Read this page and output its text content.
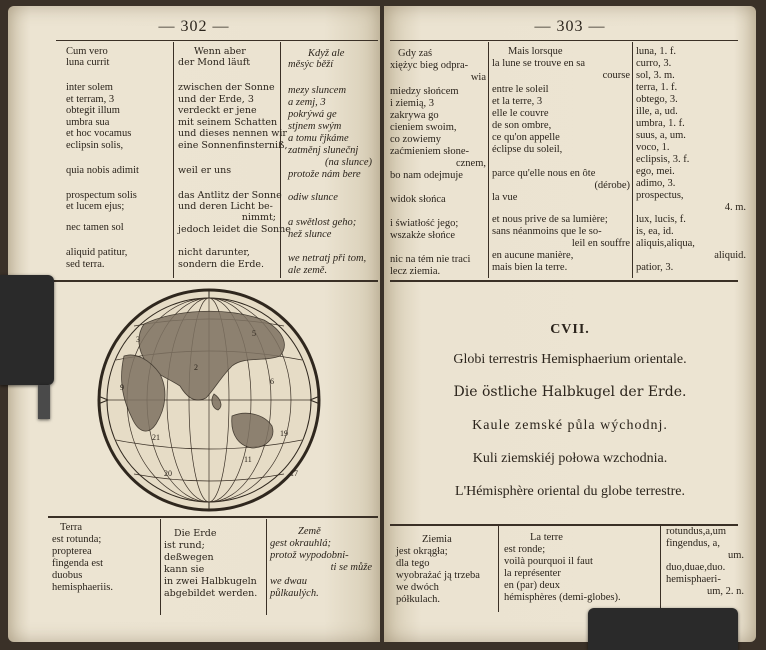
— 302 —
Cum vero
luna currit
inter solem
et terram, 3
obtegit illum
umbra sua
et hoc vocamus
eclipsin solis,
quia nobis adimit
prospectum solis
et lucem ejus;
nec tamen sol
aliquid patitur,
sed terra.
Wenn aber
der Mond läuft
zwischen der Sonne
und der Erde, 3
verdeckt er jene
mit seinem Schatten
und dieses nennen wir
eine Sonnenfinsterniß,
weil er uns
das Antlitz der Sonne
und deren Licht be-
nimmt;
jedoch leidet die Sonne
nicht darunter,
sondern die Erde.
Když ale
měsýc běží
mezy sluncem
a zemj, 3
pokrýwá ge
stjnem swým
a tomu řjkáme
zatměnj slunečnj
(na slunce)
protože nám bere
odiw slunce
a swětlost geho;
než slunce
we netratj při tom,
ale země.
3
5
6
9
2
17
20
11
19
21
Terra
est rotunda;
propterea
fingenda est
duobus
hemisphaeriis.
Die Erde
ist rund;
deßwegen
kann sie
in zwei Halbkugeln
abgebildet werden.
Země
gest okrauhlá;
protož wypodobni-
ti se může
we dwau
půlkaulých.
— 303 —
Gdy zaś
xiężyc bieg odpra-
wia
miedzy słońcem
i ziemią, 3
zakrywa go
cieniem swoim,
co zowiemy
zaćmieniem słone-
cznem,
bo nam odejmuje
widok słońca
i światłość jego;
wszakże słońce
nic na tém nie traci
lecz ziemia.
Mais lorsque
la lune se trouve en sa
course
entre le soleil
et la terre, 3
elle le couvre
de son ombre,
ce qu'on appelle
éclipse du soleil,
parce qu'elle nous en ôte
(dérobe)
la vue
et nous prive de sa lumière;
sans néanmoins que le so-
leil en souffre
en aucune manière,
mais bien la terre.
luna, 1. f.
curro, 3.
sol, 3. m.
terra, 1. f.
obtego, 3.
ille, a, ud.
umbra, 1. f.
suus, a, um.
voco, 1.
eclipsis, 3. f.
ego, mei.
adimo, 3.
prospectus,
4. m.
lux, lucis, f.
is, ea, id.
aliquis,aliqua,
aliquid.
patior, 3.
CVII.
Globi terrestris Hemisphaerium orientale.
Die östliche Halbkugel der Erde.
Kaule zemské půla wýchodnj.
Kuli ziemskiéj połowa wzchodnia.
L'Hémisphère oriental du globe terrestre.
Ziemia
jest okrągła;
dla tego
wyobrażać ją trzeba
we dwóch
półkulach.
La terre
est ronde;
voilà pourquoi il faut
la représenter
en (par) deux
hémisphères (demi-globes).
rotundus,a,um
fingendus, a,
um.
duo,duae,duo.
hemisphaeri-
um, 2. n.
